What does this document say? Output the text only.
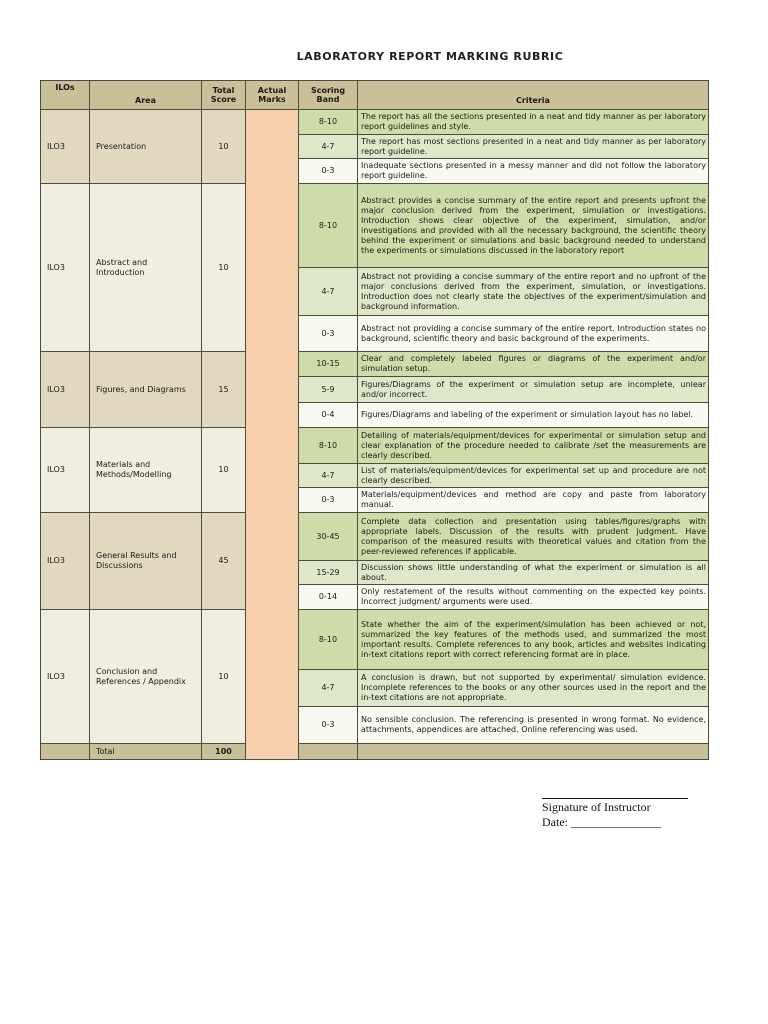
LABORATORY REPORT MARKING RUBRIC
ILOs	Area	Total Score	Actual Marks	Scoring Band	Criteria	
ILO3	Presentation	10		8-10	The report has all the sections presented in a neat and tidy manner as per laboratory report guidelines and style.	
				4-7	The report has most sections presented in a neat and tidy manner as per laboratory report guideline.	
				0-3	Inadequate sections presented in a messy manner and did not follow the laboratory report guideline.	
ILO3	Abstract and Introduction	10		8-10	Abstract provides a concise summary of the entire report and presents upfront the major conclusion derived from the experiment, simulation or investigations. Introduction shows clear objective of the experiment, simulation, and/or investigations and provided with all the necessary background, the scientific theory behind the experiment or simulations and basic background needed to understand the experiments or simulations discussed in the laboratory report	
				4-7	Abstract not providing a concise summary of the entire report and no upfront of the major conclusions derived from the experiment, simulation, or investigations. Introduction does not clearly state the objectives of the experiment/simulation and background information.	
				0-3	Abstract not providing a concise summary of the entire report. Introduction states no background, scientific theory and basic background of the experiments.	
ILO3	Figures, and Diagrams	15		10-15	Clear and completely labeled figures or diagrams of the experiment and/or simulation setup.	
				5-9	Figures/Diagrams of the experiment or simulation setup are incomplete, unlear and/or incorrect.	
				0-4	Figures/Diagrams and labeling of the experiment or simulation layout has no label.	
ILO3	Materials and Methods/Modelling	10		8-10	Detailing of materials/equipment/devices for experimental or simulation setup and clear explanation of the procedure needed to calibrate /set the measurements are clearly described.	
				4-7	List of materials/equipment/devices for experimental set up and procedure are not clearly described.	
				0-3	Materials/equipment/devices and method are copy and paste from laboratory manual.	
ILO3	General Results and Discussions	45		30-45	Complete data collection and presentation using tables/figures/graphs with appropriate labels. Discussion of the results with prudent judgment. Have comparison of the measured results with theoretical values and citation from the peer-reviewed references if applicable.	
				15-29	Discussion shows little understanding of what the experiment or simulation is all about.	
				0-14	Only restatement of the results without commenting on the expected key points. Incorrect judgment/ arguments were used.	
ILO3	Conclusion and References / Appendix	10		8-10	State whether the aim of the experiment/simulation has been achieved or not, summarized the key features of the methods used, and summarized the most important results. Complete references to any book, articles and websites indicating in-text citations report with correct referencing format are in place.	
				4-7	A conclusion is drawn, but not supported by experimental/ simulation evidence. Incomplete references to the books or any other sources used in the report and the in-text citations are not appropriate.	
				0-3	No sensible conclusion. The referencing is presented in wrong format. No evidence, attachments, appendices are attached. Online referencing was used.	
	Total	100				
Signature of Instructor
Date: _______________
